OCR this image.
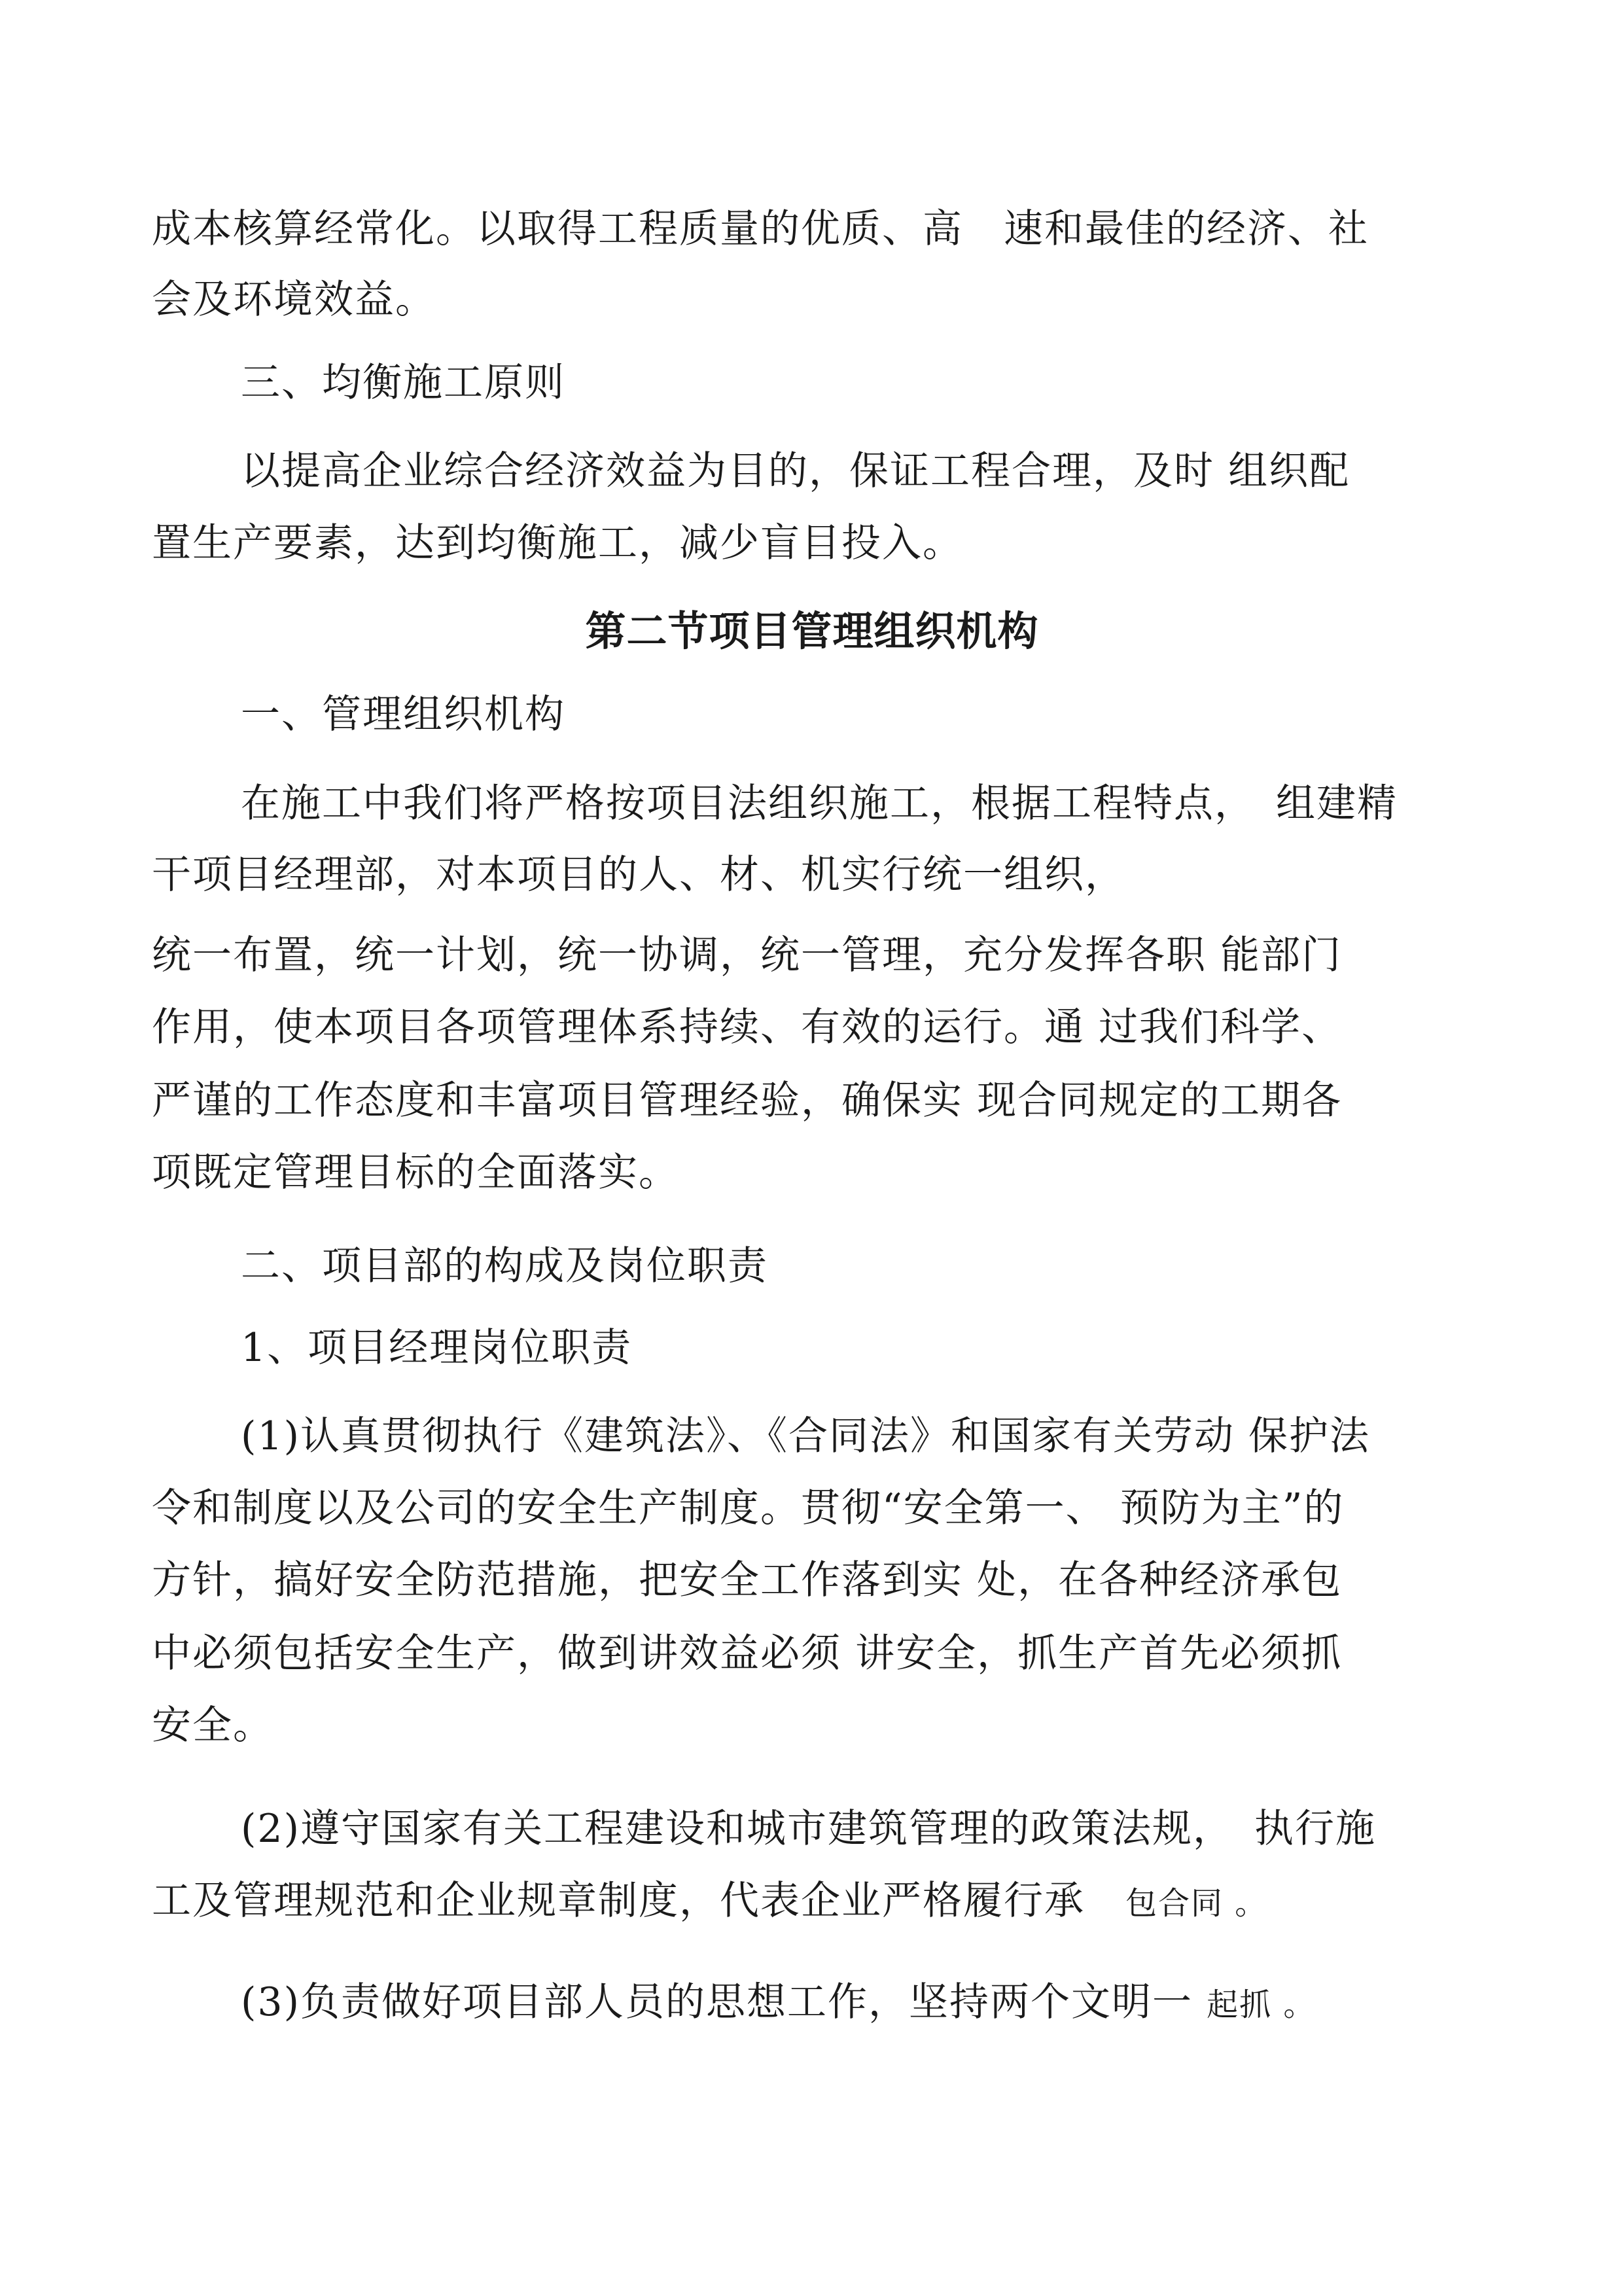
成本核算经常化。以取得工程质量的优质、高　速和最佳的经济、社
会及环境效益。
三、均衡施工原则
以提高企业综合经济效益为目的，保证工程合理，及时 组织配
置生产要素，达到均衡施工，减少盲目投入。
第二节项目管理组织机构
一、管理组织机构
在施工中我们将严格按项目法组织施工，根据工程特点，　组建精
干项目经理部，对本项目的人、材、机实行统一组织，
统一布置，统一计划，统一协调，统一管理，充分发挥各职 能部门
作用，使本项目各项管理体系持续、有效的运行。通 过我们科学、
严谨的工作态度和丰富项目管理经验，确保实 现合同规定的工期各
项既定管理目标的全面落实。
二、项目部的构成及岗位职责
1、项目经理岗位职责
(1)认真贯彻执行《建筑法》、《合同法》和国家有关劳动 保护法
令和制度以及公司的安全生产制度。贯彻“安全第一、 预防为主”的
方针，搞好安全防范措施，把安全工作落到实 处，在各种经济承包
中必须包括安全生产，做到讲效益必须 讲安全，抓生产首先必须抓
安全。
(2)遵守国家有关工程建设和城市建筑管理的政策法规，　执行施
工及管理规范和企业规章制度，代表企业严格履行承　包合同 。
(3)负责做好项目部人员的思想工作，坚持两个文明一 起抓 。
